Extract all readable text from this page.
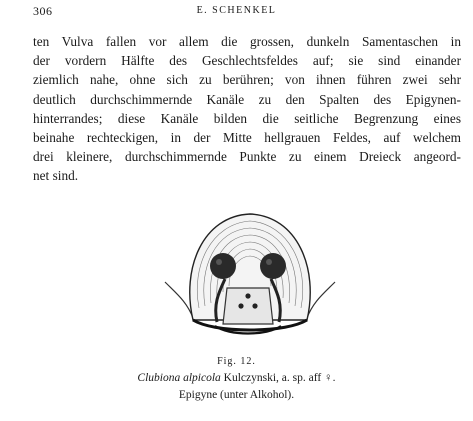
306	E. SCHENKEL
ten Vulva fallen vor allem die grossen, dunkeln Samentaschen in
der vordern Hälfte des Geschlechtsfeldes auf; sie sind einander
ziemlich nahe, ohne sich zu berühren; von ihnen führen zwei sehr
deutlich durchschimmernde Kanäle zu den Spalten des Epigynen-
hinterrandes; diese Kanäle bilden die seitliche Begrenzung eines
beinahe rechteckigen, in der Mitte hellgrauen Feldes, auf welchem
drei kleinere, durchschimmernde Punkte zu einem Dreieck angeord-
net sind.
Fig. 12.
Clubiona alpicola Kulczynski, a. sp. aff ♀.
Epigyne (unter Alkohol).
